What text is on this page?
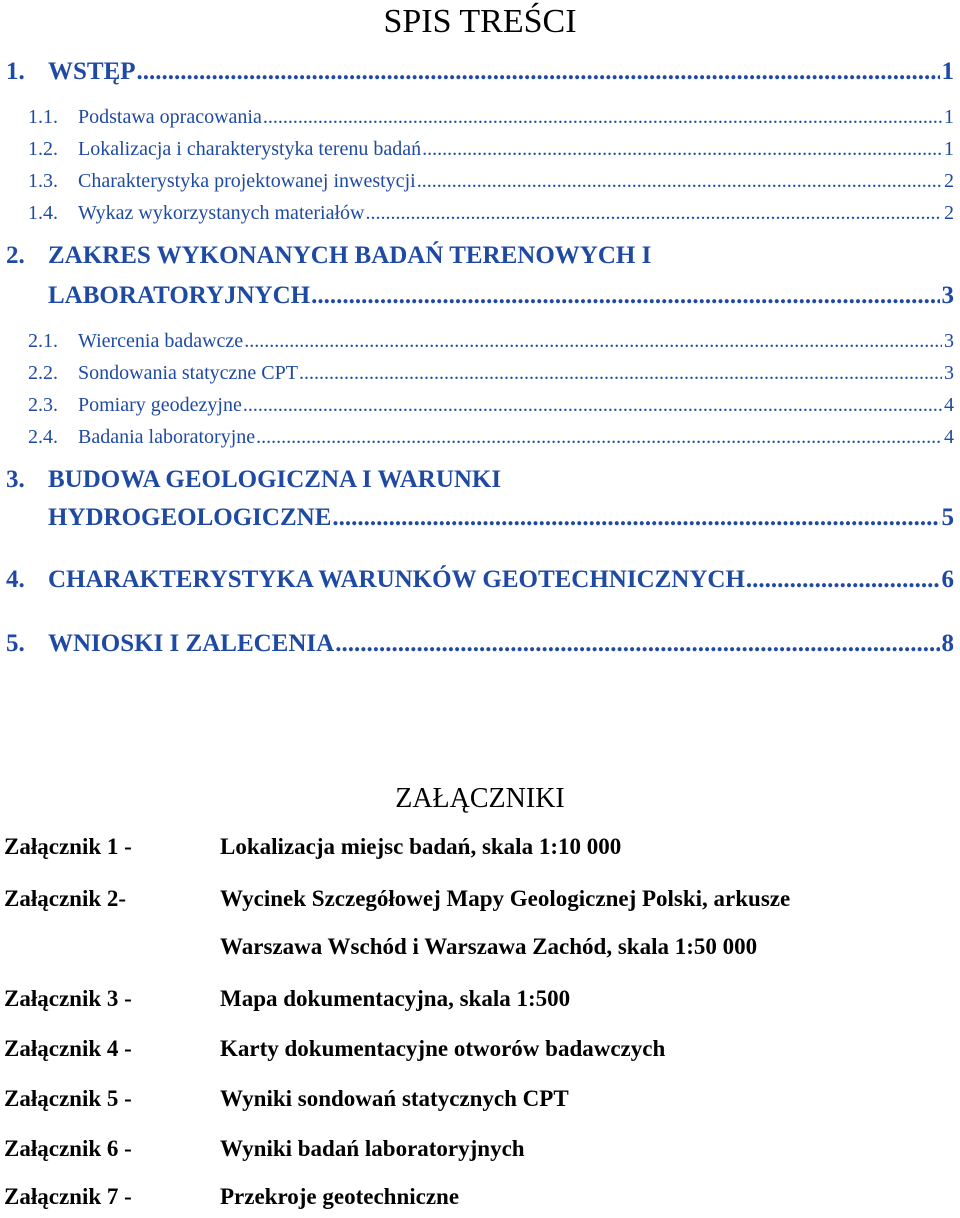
SPIS TREŚCI
1. WSTĘP .....	1
1.1.	Podstawa opracowania .....	1
1.2.	Lokalizacja i charakterystyka terenu badań .....	1
1.3.	Charakterystyka projektowanej inwestycji .....	2
1.4.	Wykaz wykorzystanych materiałów .....	2
2. ZAKRES WYKONANYCH BADAŃ TERENOWYCH I
LABORATORYJNYCH .....	3
2.1.	Wiercenia badawcze .....	3
2.2.	Sondowania statyczne CPT .....	3
2.3.	Pomiary geodezyjne .....	4
2.4.	Badania laboratoryjne .....	4
3. BUDOWA GEOLOGICZNA I WARUNKI
HYDROGEOLOGICZNE .....	5
4. CHARAKTERYSTYKA WARUNKÓW GEOTECHNICZNYCH .....	6
5. WNIOSKI I ZALECENIA .....	8
ZAŁĄCZNIKI
Załącznik 1 -	Lokalizacja miejsc badań, skala 1:10 000
Załącznik 2-	Wycinek Szczegółowej Mapy Geologicznej Polski, arkusze
Warszawa Wschód i Warszawa Zachód, skala 1:50 000
Załącznik 3 -	Mapa dokumentacyjna, skala 1:500
Załącznik 4 -	Karty dokumentacyjne otworów badawczych
Załącznik 5 -	Wyniki sondowań statycznych CPT
Załącznik 6 -	Wyniki badań laboratoryjnych
Załącznik 7 -	Przekroje geotechniczne
